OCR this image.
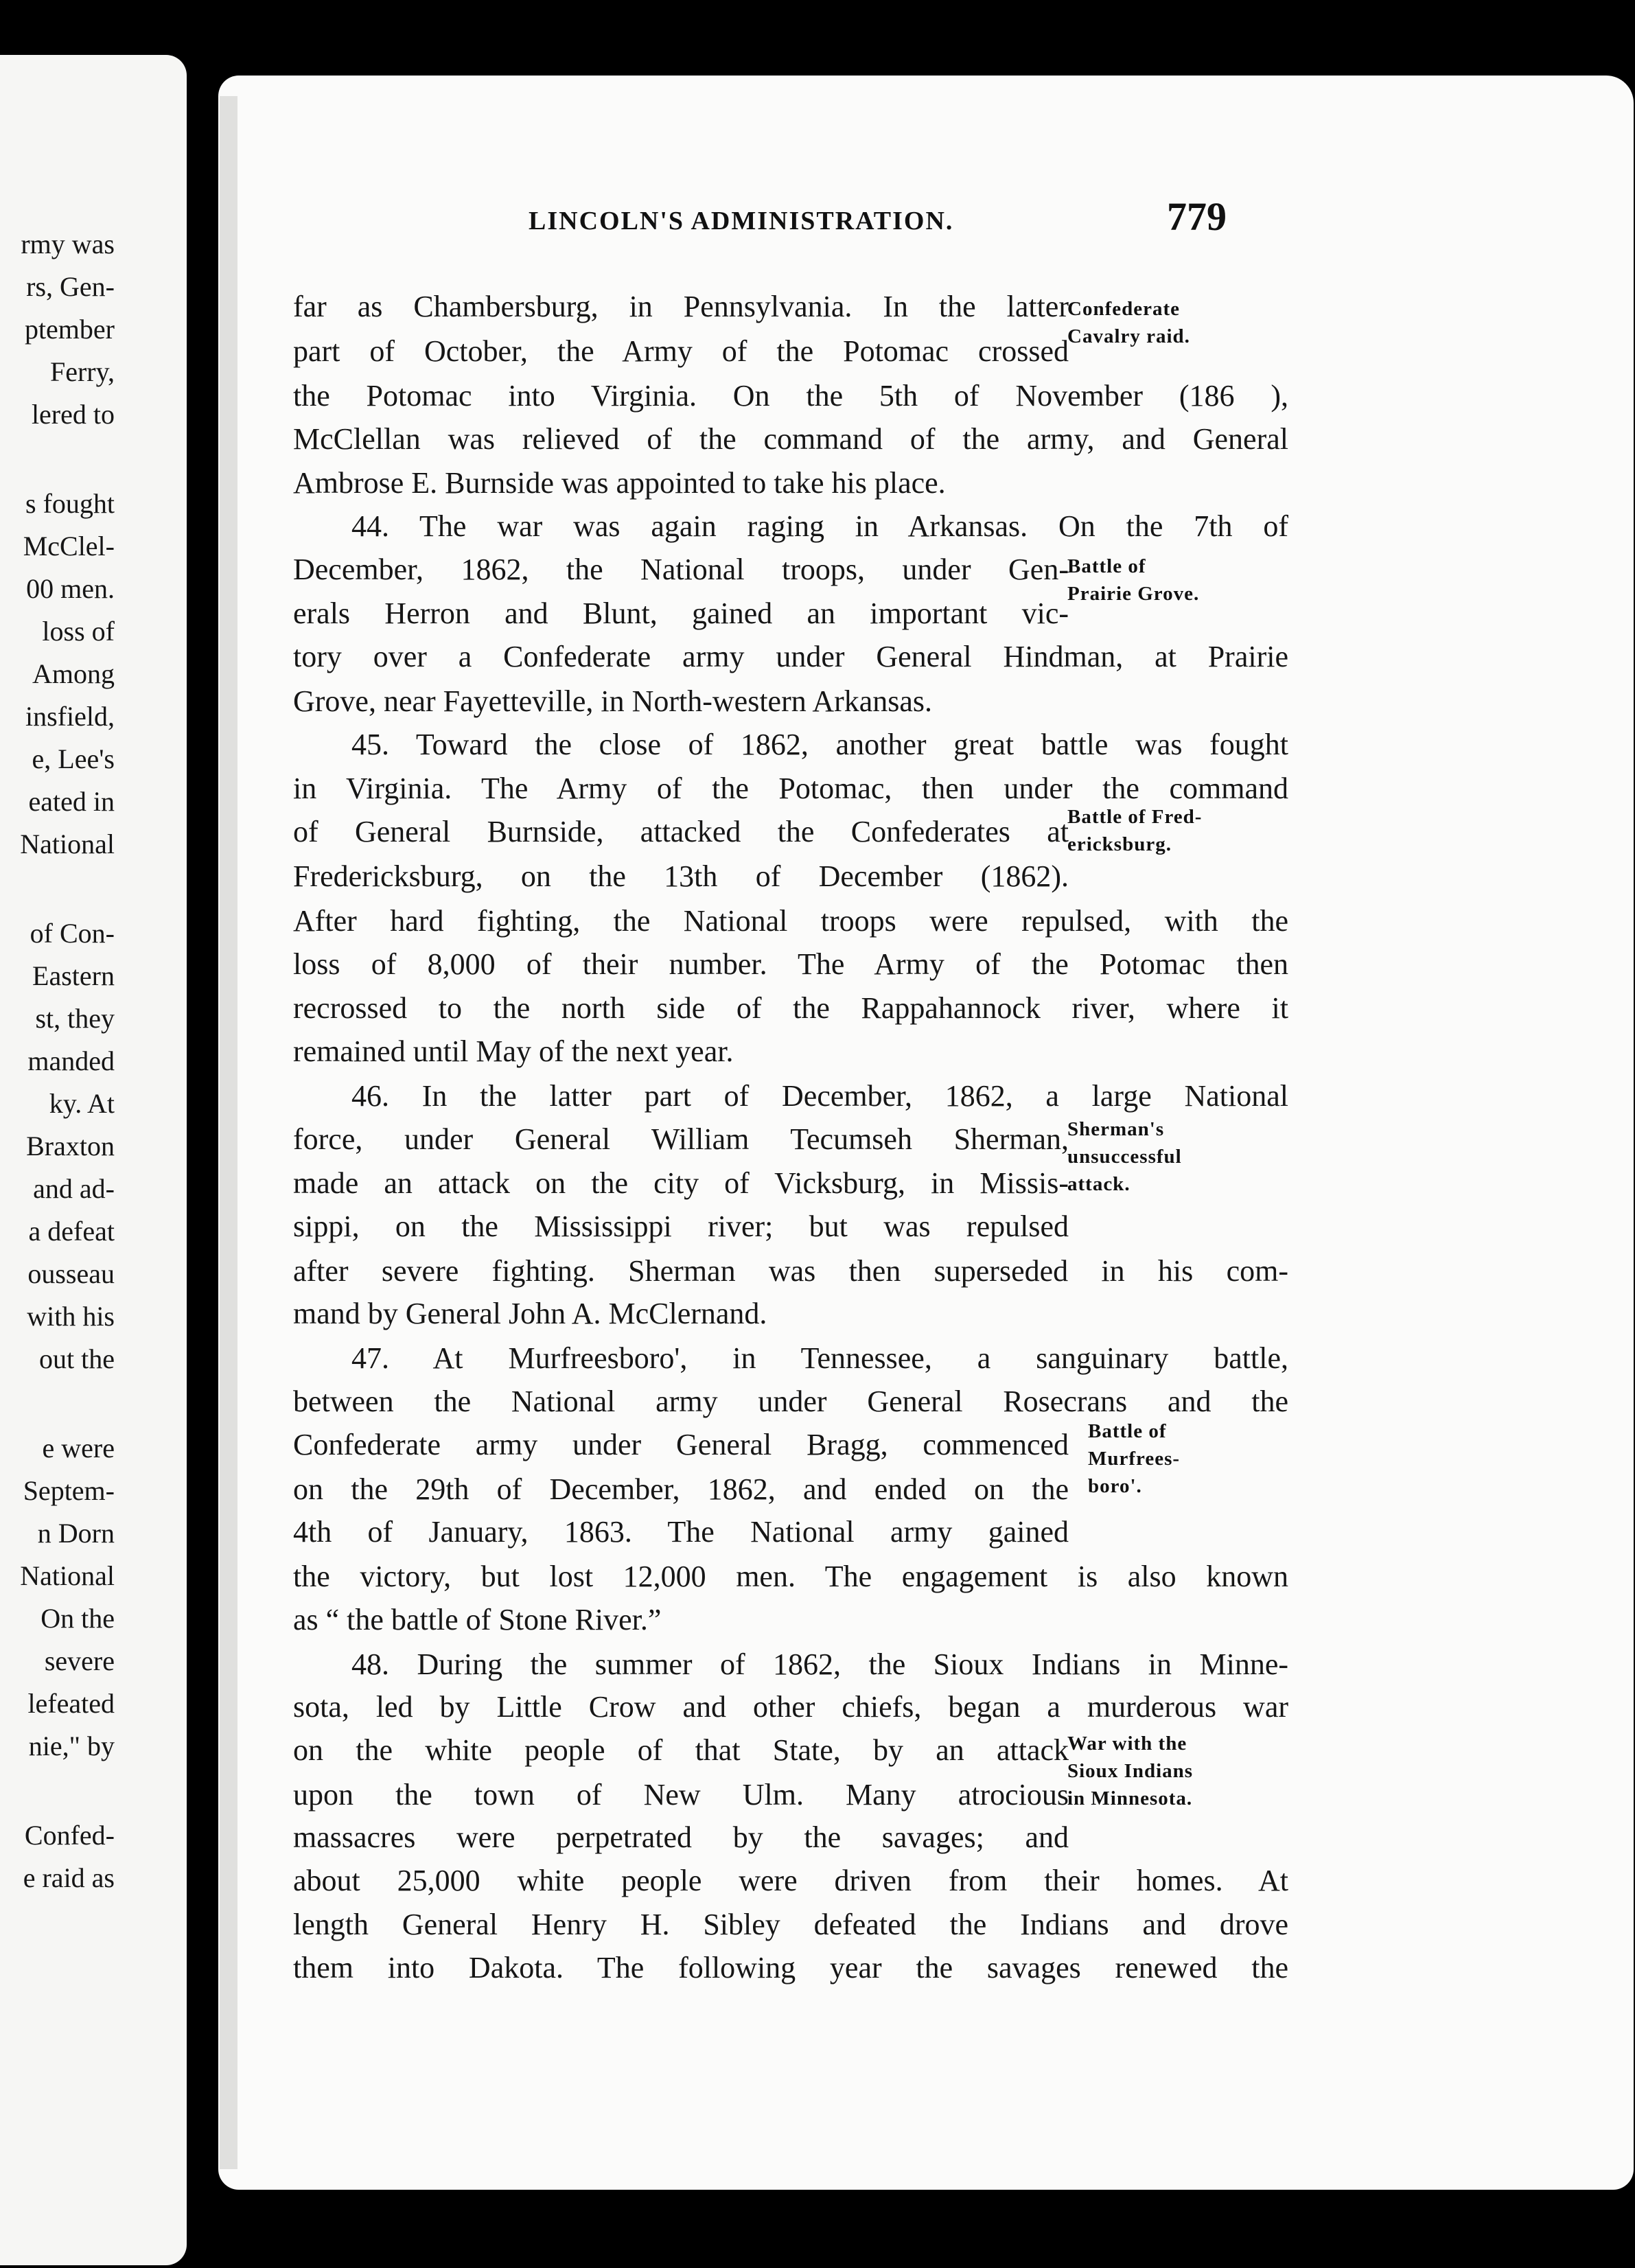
rmy was
rs, Gen-
ptember
Ferry,
lered to
s fought
McClel-
00 men.
loss of
Among
insfield,
e, Lee's
eated in
National
of Con-
Eastern
st, they
manded
ky. At
Braxton
and ad-
a defeat
ousseau
with his
out the
e were
Septem-
n Dorn
National
On the
severe
lefeated
nie," by
Confed-
e raid as
LINCOLN'S ADMINISTRATION.	779
far as Chambersburg, in Pennsylvania. In the latter
part of October, the Army of the Potomac crossed
the Potomac into Virginia. On the 5th of November (186 ),
McClellan was relieved of the command of the army, and General
Ambrose E. Burnside was appointed to take his place.
44. The war was again raging in Arkansas. On the 7th of
December, 1862, the National troops, under Gen-
erals Herron and Blunt, gained an important vic-
tory over a Confederate army under General Hindman, at Prairie
Grove, near Fayetteville, in North-western Arkansas.
45. Toward the close of 1862, another great battle was fought
in Virginia. The Army of the Potomac, then under the command
of General Burnside, attacked the Confederates at
Fredericksburg, on the 13th of December (1862).
After hard fighting, the National troops were repulsed, with the
loss of 8,000 of their number. The Army of the Potomac then
recrossed to the north side of the Rappahannock river, where it
remained until May of the next year.
46. In the latter part of December, 1862, a large National
force, under General William Tecumseh Sherman,
made an attack on the city of Vicksburg, in Missis-
sippi, on the Mississippi river; but was repulsed
after severe fighting. Sherman was then superseded in his com-
mand by General John A. McClernand.
47. At Murfreesboro', in Tennessee, a sanguinary battle,
between the National army under General Rosecrans and the
Confederate army under General Bragg, commenced
on the 29th of December, 1862, and ended on the
4th of January, 1863. The National army gained
the victory, but lost 12,000 men. The engagement is also known
as “ the battle of Stone River.”
48. During the summer of 1862, the Sioux Indians in Minne-
sota, led by Little Crow and other chiefs, began a murderous war
on the white people of that State, by an attack
upon the town of New Ulm. Many atrocious
massacres were perpetrated by the savages; and
about 25,000 white people were driven from their homes. At
length General Henry H. Sibley defeated the Indians and drove
them into Dakota. The following year the savages renewed the
Confederate
Cavalry raid.
Battle of
Prairie Grove.
Battle of Fred-
ericksburg.
Sherman's
unsuccessful
attack.
Battle of
Murfrees-
boro'.
War with the
Sioux Indians
in Minnesota.
